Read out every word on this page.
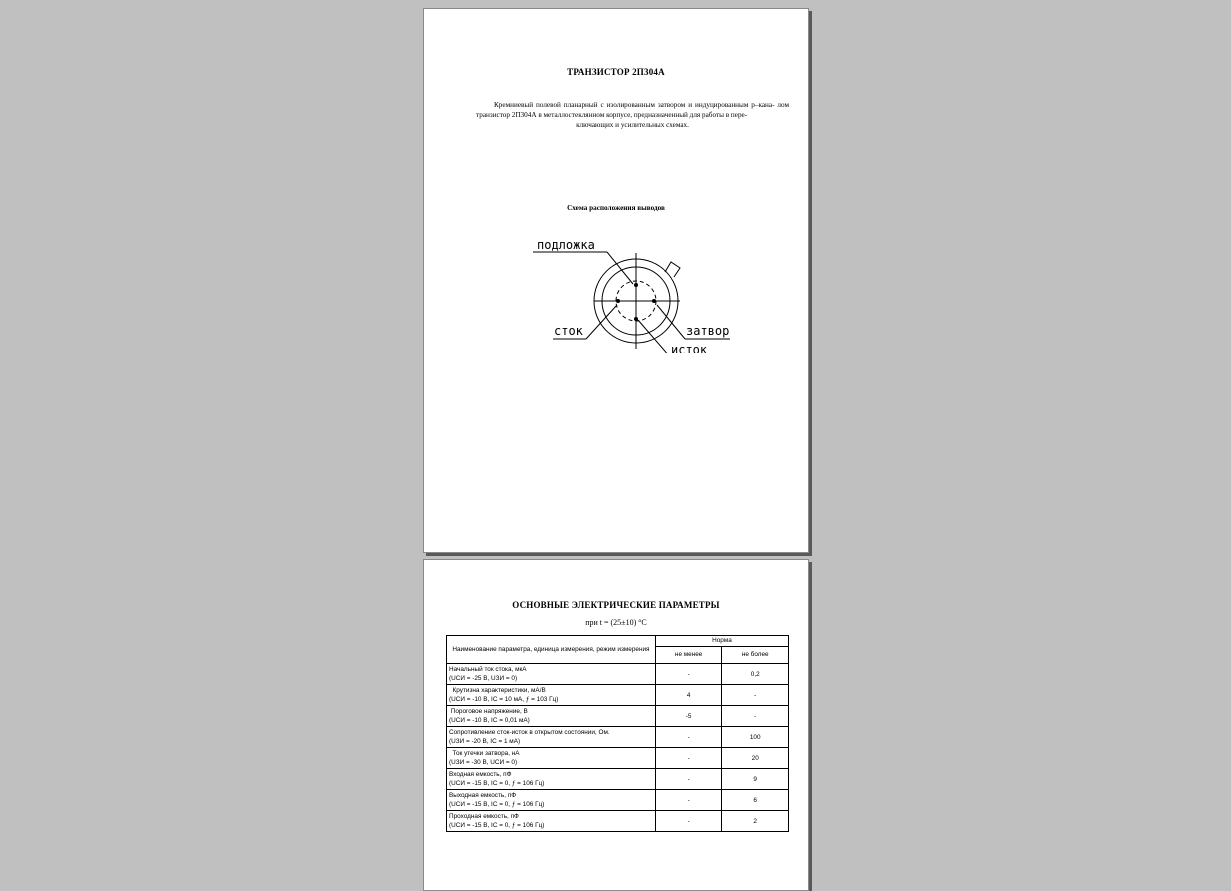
ТРАНЗИСТОР 2П304А
Кремниевый полевой планарный с изолированным затвором и индуцированным p–кана- лом транзистор 2П304А в металлостеклянном корпусе, предназначенный для работы в пере-
ключающих и усилительных схемах.
Схема расположения выводов
подложка
сток	затвор
исток
ОСНОВНЫЕ ЭЛЕКТРИЧЕСКИЕ ПАРАМЕТРЫ
при t = (25±10) °С
Наименование параметра, единица измерения, режим измерения	Норма	
	не менее	не более
Начальный ток стока, мкА
(UСИ = -25 В, UЗИ = 0)	-	0,2
Крутизна характеристики, мА/В
(UСИ = -10 В, IС = 10 мА, ƒ = 103 Гц)	4	-
Пороговое напряжение, В
(UСИ = -10 В, IС = 0,01 мА)	-5	-
Сопротивление сток-исток в открытом состоянии, Ом.
(UЗИ = -20 В, IС = 1 мА)	-	100
Ток утечки затвора, нА
(UЗИ = -30 В, UСИ = 0)	-	20
Входная емкость, пФ
(UСИ = -15 В, IС = 0, ƒ = 106 Гц)	-	9
Выходная емкость, пФ
(UСИ = -15 В, IС = 0, ƒ = 106 Гц)	-	6
Проходная емкость, пФ
(UСИ = -15 В, IС = 0, ƒ = 106 Гц)	-	2
